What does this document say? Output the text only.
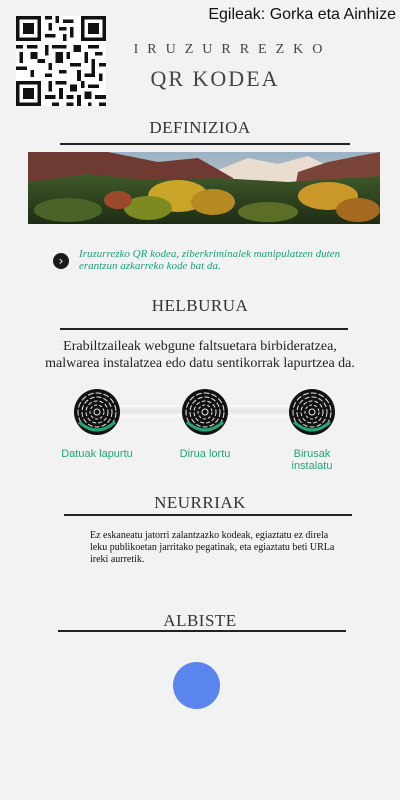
Egileak: Gorka eta Ainhize
IRUZURREZKO
QR KODEA
DEFINIZIOA
›	Iruzurrezko QR kodea, ziberkriminalek manipulatzen duten erantzun azkarreko kode bat da.
HELBURUA
Erabiltzaileak webgune faltsuetara birbideratzea, malwarea instalatzea edo datu sentikorrak lapurtzea da.
Datuak lapurtu	Dirua lortu	Birusak instalatu
NEURRIAK
Ez eskaneatu jatorri zalantzazko kodeak, egiaztatu ez direla leku publikoetan jarritako pegatinak, eta egiaztatu beti URLa ireki aurretik.
ALBISTE
